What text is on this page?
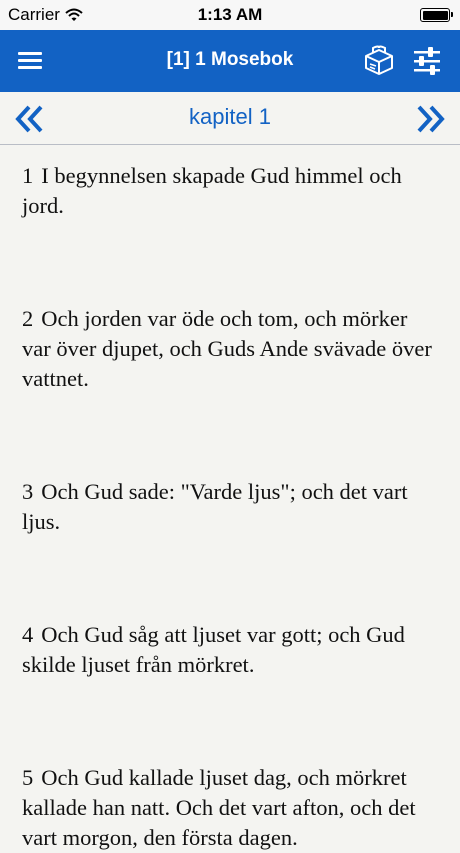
Carrier	1:13 AM
[1] 1 Mosebok
kapitel 1

1 I begynnelsen skapade Gud himmel och jord.

2 Och jorden var öde och tom, och mörker var över djupet, och Guds Ande svävade över vattnet.

3 Och Gud sade: "Varde ljus"; och det vart ljus.

4 Och Gud såg att ljuset var gott; och Gud skilde ljuset från mörkret.

5 Och Gud kallade ljuset dag, och mörkret kallade han natt. Och det vart afton, och det vart morgon, den första dagen.
